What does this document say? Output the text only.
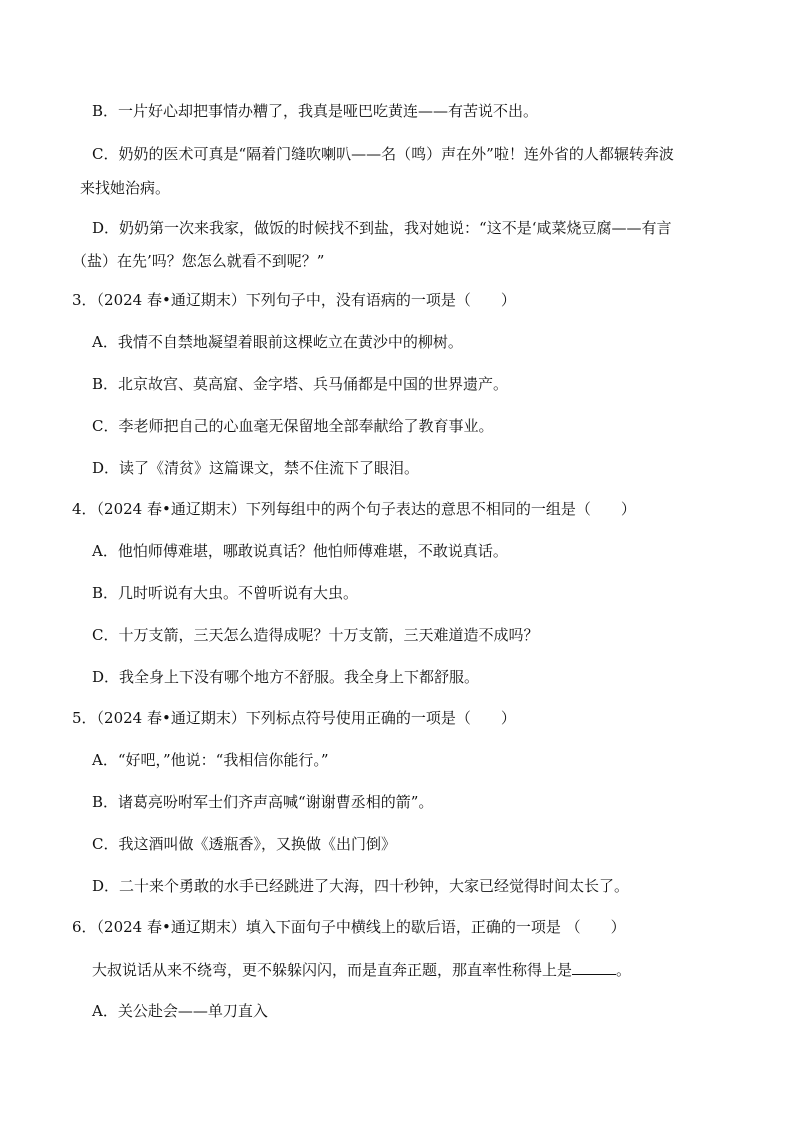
B．一片好心却把事情办糟了，我真是哑巴吃黄连——有苦说不出。

C．奶奶的医术可真是“隔着门缝吹喇叭——名（鸣）声在外”啦！连外省的人都辗转奔波

来找她治病。

D．奶奶第一次来我家，做饭的时候找不到盐，我对她说：“这不是‘咸菜烧豆腐——有言

（盐）在先’吗？您怎么就看不到呢？”

3．（2024 春•通辽期末）下列句子中，没有语病的一项是（　　）

A．我情不自禁地凝望着眼前这棵屹立在黄沙中的柳树。

B．北京故宫、莫高窟、金字塔、兵马俑都是中国的世界遗产。

C．李老师把自己的心血毫无保留地全部奉献给了教育事业。

D．读了《清贫》这篇课文，禁不住流下了眼泪。

4．（2024 春•通辽期末）下列每组中的两个句子表达的意思不相同的一组是（　　）

A．他怕师傅难堪，哪敢说真话？他怕师傅难堪，不敢说真话。

B．几时听说有大虫。不曾听说有大虫。

C．十万支箭，三天怎么造得成呢？十万支箭，三天难道造不成吗？

D．我全身上下没有哪个地方不舒服。我全身上下都舒服。

5．（2024 春•通辽期末）下列标点符号使用正确的一项是（　　）

A．“好吧，”他说：“我相信你能行。”

B．诸葛亮吩咐军士们齐声高喊“谢谢曹丞相的箭”。

C．我这酒叫做《透瓶香》，又换做《出门倒》

D．二十来个勇敢的水手已经跳进了大海，四十秒钟，大家已经觉得时间太长了。

6．（2024 春•通辽期末）填入下面句子中横线上的歇后语，正确的一项是 （　　）

大叔说话从来不绕弯，更不躲躲闪闪，而是直奔正题，那直率性称得上是	。

A．关公赴会——单刀直入
